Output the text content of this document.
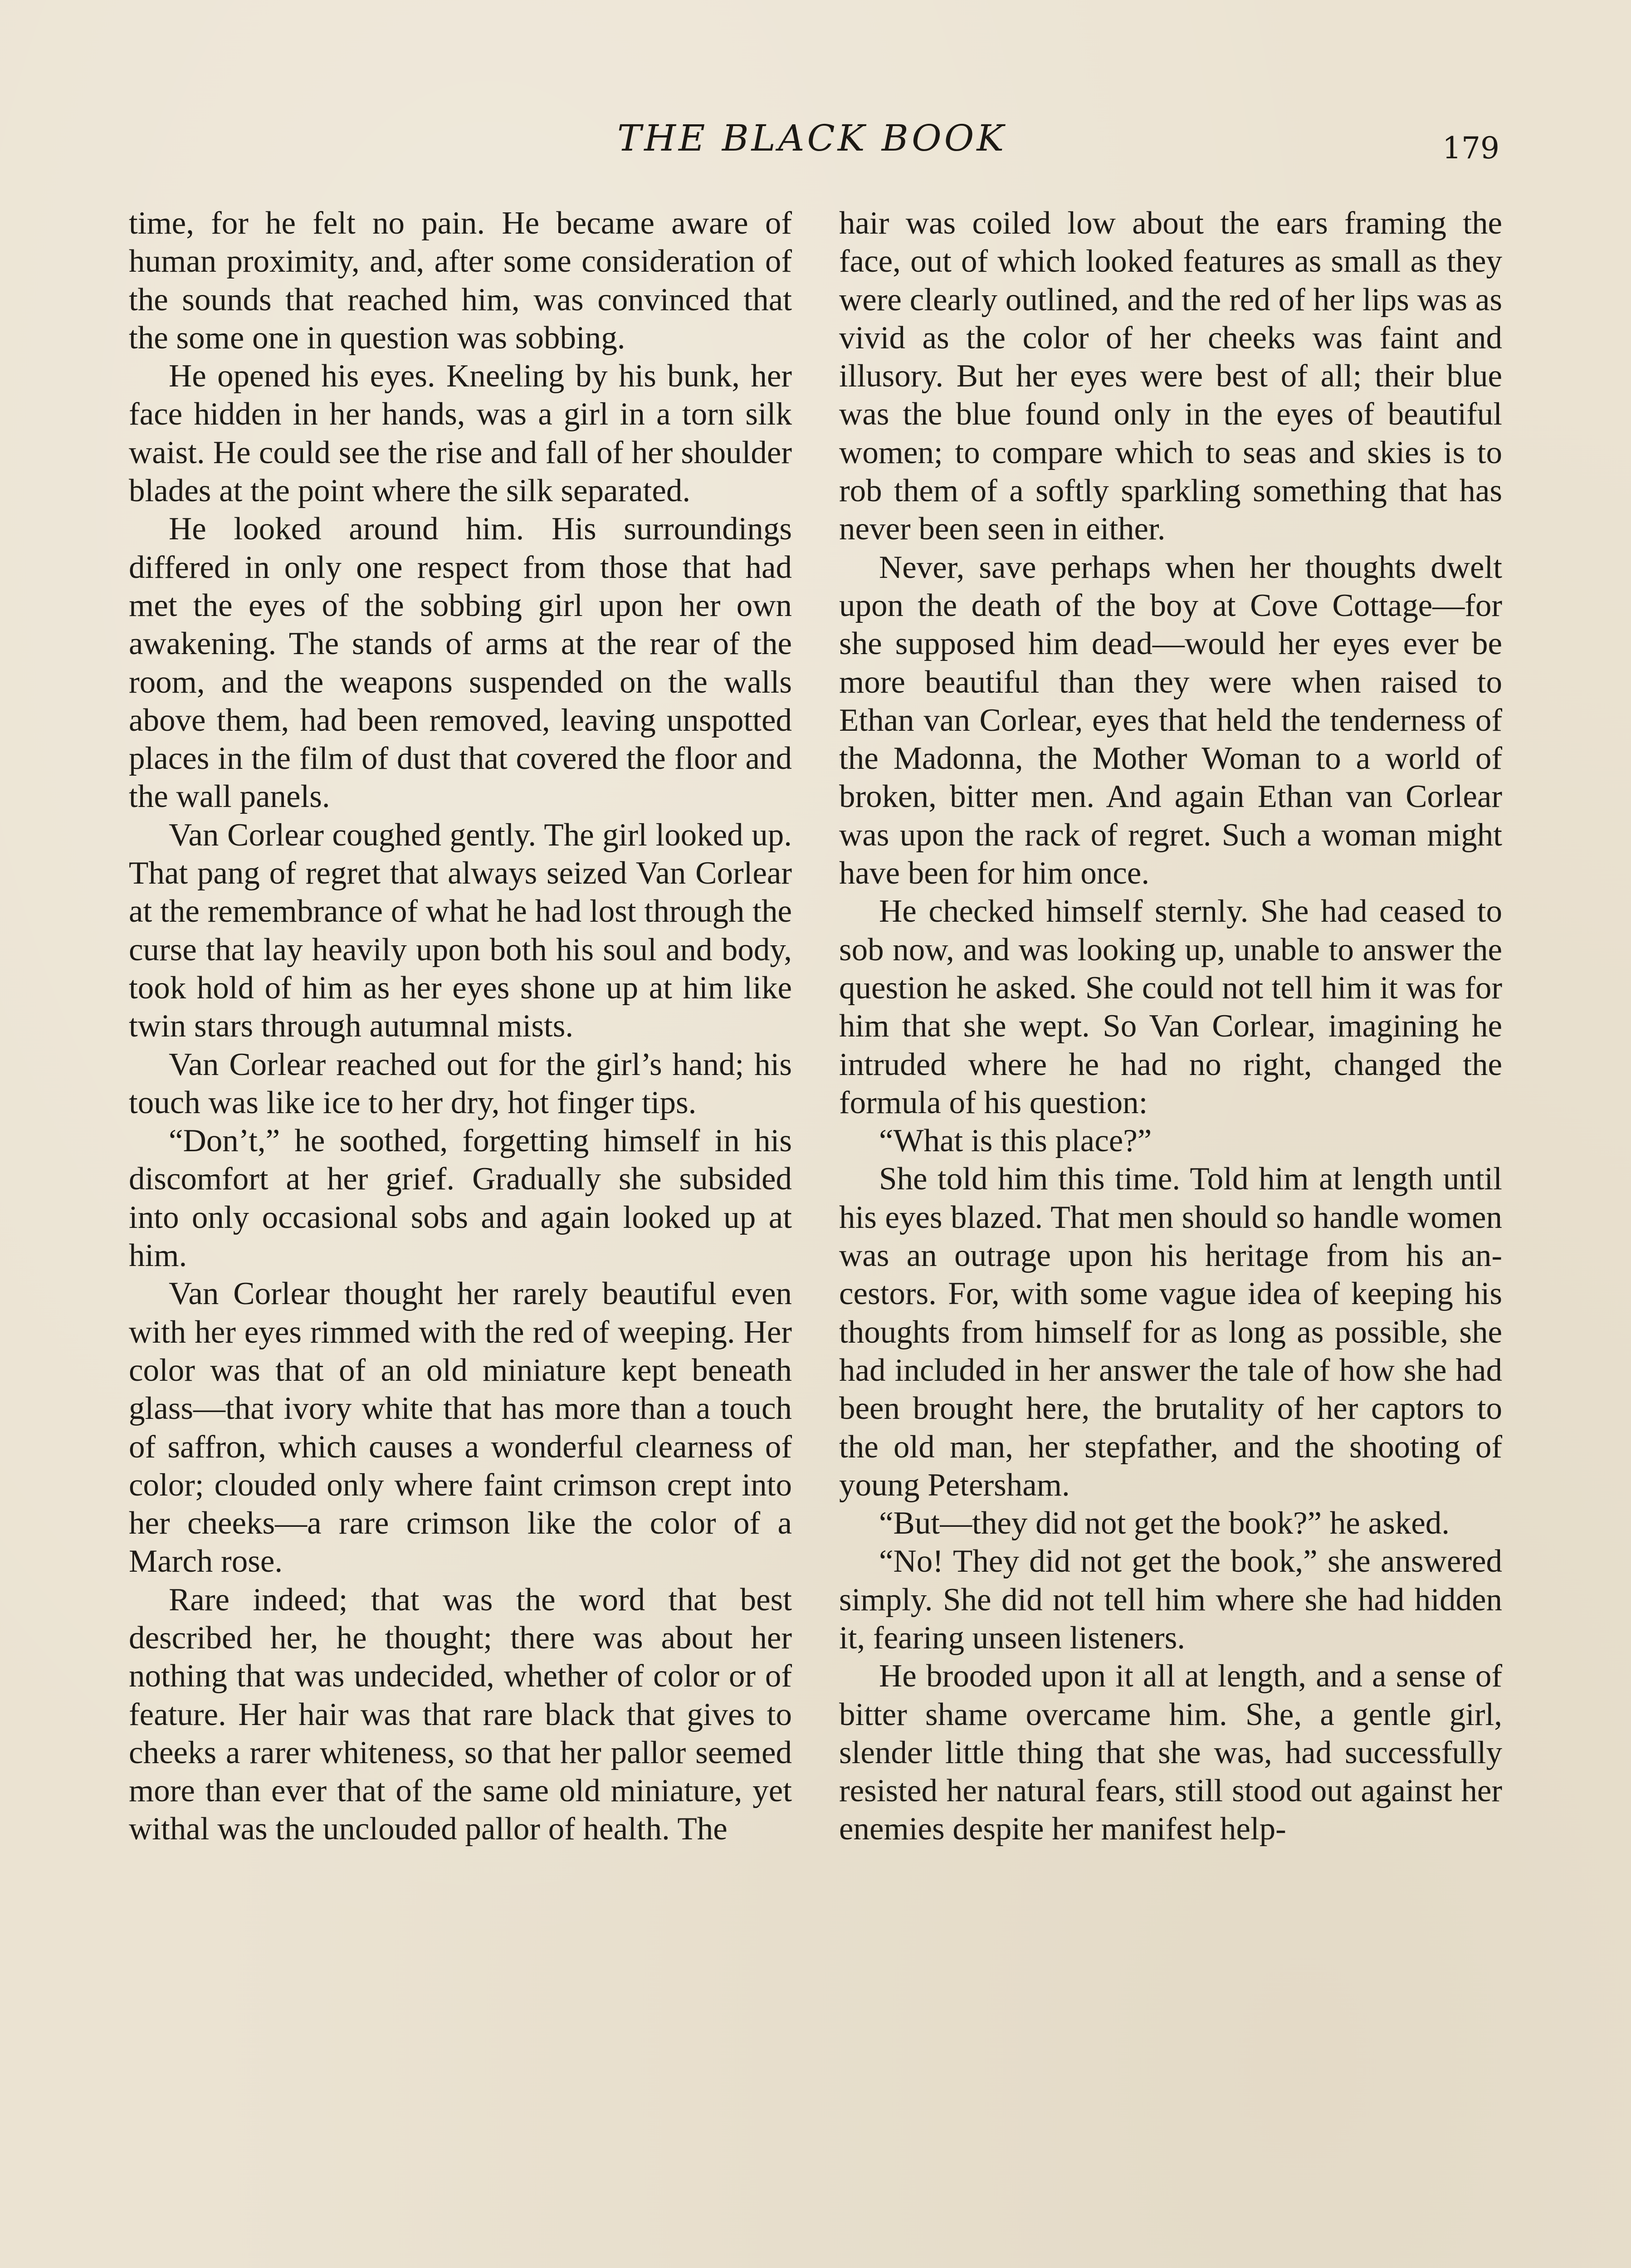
THE BLACK BOOK	179

time, for he felt no pain. He became aware of human proximity, and, after some consideration of the sounds that reached him, was convinced that the some one in question was sobbing.

He opened his eyes. Kneeling by his bunk, her face hidden in her hands, was a girl in a torn silk waist. He could see the rise and fall of her shoulder blades at the point where the silk separated.

He looked around him. His surroundings differed in only one respect from those that had met the eyes of the sobbing girl upon her own awakening. The stands of arms at the rear of the room, and the weapons suspended on the walls above them, had been removed, leaving unspotted places in the film of dust that covered the floor and the wall panels.

Van Corlear coughed gently. The girl looked up. That pang of regret that always seized Van Corlear at the remembrance of what he had lost through the curse that lay heavily upon both his soul and body, took hold of him as her eyes shone up at him like twin stars through autumnal mists.

Van Corlear reached out for the girl’s hand; his touch was like ice to her dry, hot finger tips.

“Don’t,” he soothed, forgetting himself in his discomfort at her grief. Gradually she subsided into only occasional sobs and again looked up at him.

Van Corlear thought her rarely beautiful even with her eyes rimmed with the red of weeping. Her color was that of an old miniature kept beneath glass—that ivory white that has more than a touch of saffron, which causes a wonderful clearness of color; clouded only where faint crimson crept into her cheeks—a rare crimson like the color of a March rose.

Rare indeed; that was the word that best described her, he thought; there was about her nothing that was undecided, whether of color or of feature. Her hair was that rare black that gives to cheeks a rarer whiteness, so that her pallor seemed more than ever that of the same old miniature, yet withal was the unclouded pallor of health. The

hair was coiled low about the ears framing the face, out of which looked features as small as they were clearly outlined, and the red of her lips was as vivid as the color of her cheeks was faint and illusory. But her eyes were best of all; their blue was the blue found only in the eyes of beautiful women; to compare which to seas and skies is to rob them of a softly sparkling something that has never been seen in either.

Never, save perhaps when her thoughts dwelt upon the death of the boy at Cove Cottage—for she supposed him dead—would her eyes ever be more beautiful than they were when raised to Ethan van Corlear, eyes that held the tenderness of the Madonna, the Mother Woman to a world of broken, bitter men. And again Ethan van Corlear was upon the rack of regret. Such a woman might have been for him once.

He checked himself sternly. She had ceased to sob now, and was looking up, unable to answer the question he asked. She could not tell him it was for him that she wept. So Van Corlear, imagining he intruded where he had no right, changed the formula of his question:

“What is this place?”

She told him this time. Told him at length until his eyes blazed. That men should so handle women was an outrage upon his heritage from his ancestors. For, with some vague idea of keeping his thoughts from himself for as long as possible, she had included in her answer the tale of how she had been brought here, the brutality of her captors to the old man, her stepfather, and the shooting of young Petersham.

“But—they did not get the book?” he asked.

“No! They did not get the book,” she answered simply. She did not tell him where she had hidden it, fearing unseen listeners.

He brooded upon it all at length, and a sense of bitter shame overcame him. She, a gentle girl, slender little thing that she was, had successfully resisted her natural fears, still stood out against her enemies despite her manifest help-
